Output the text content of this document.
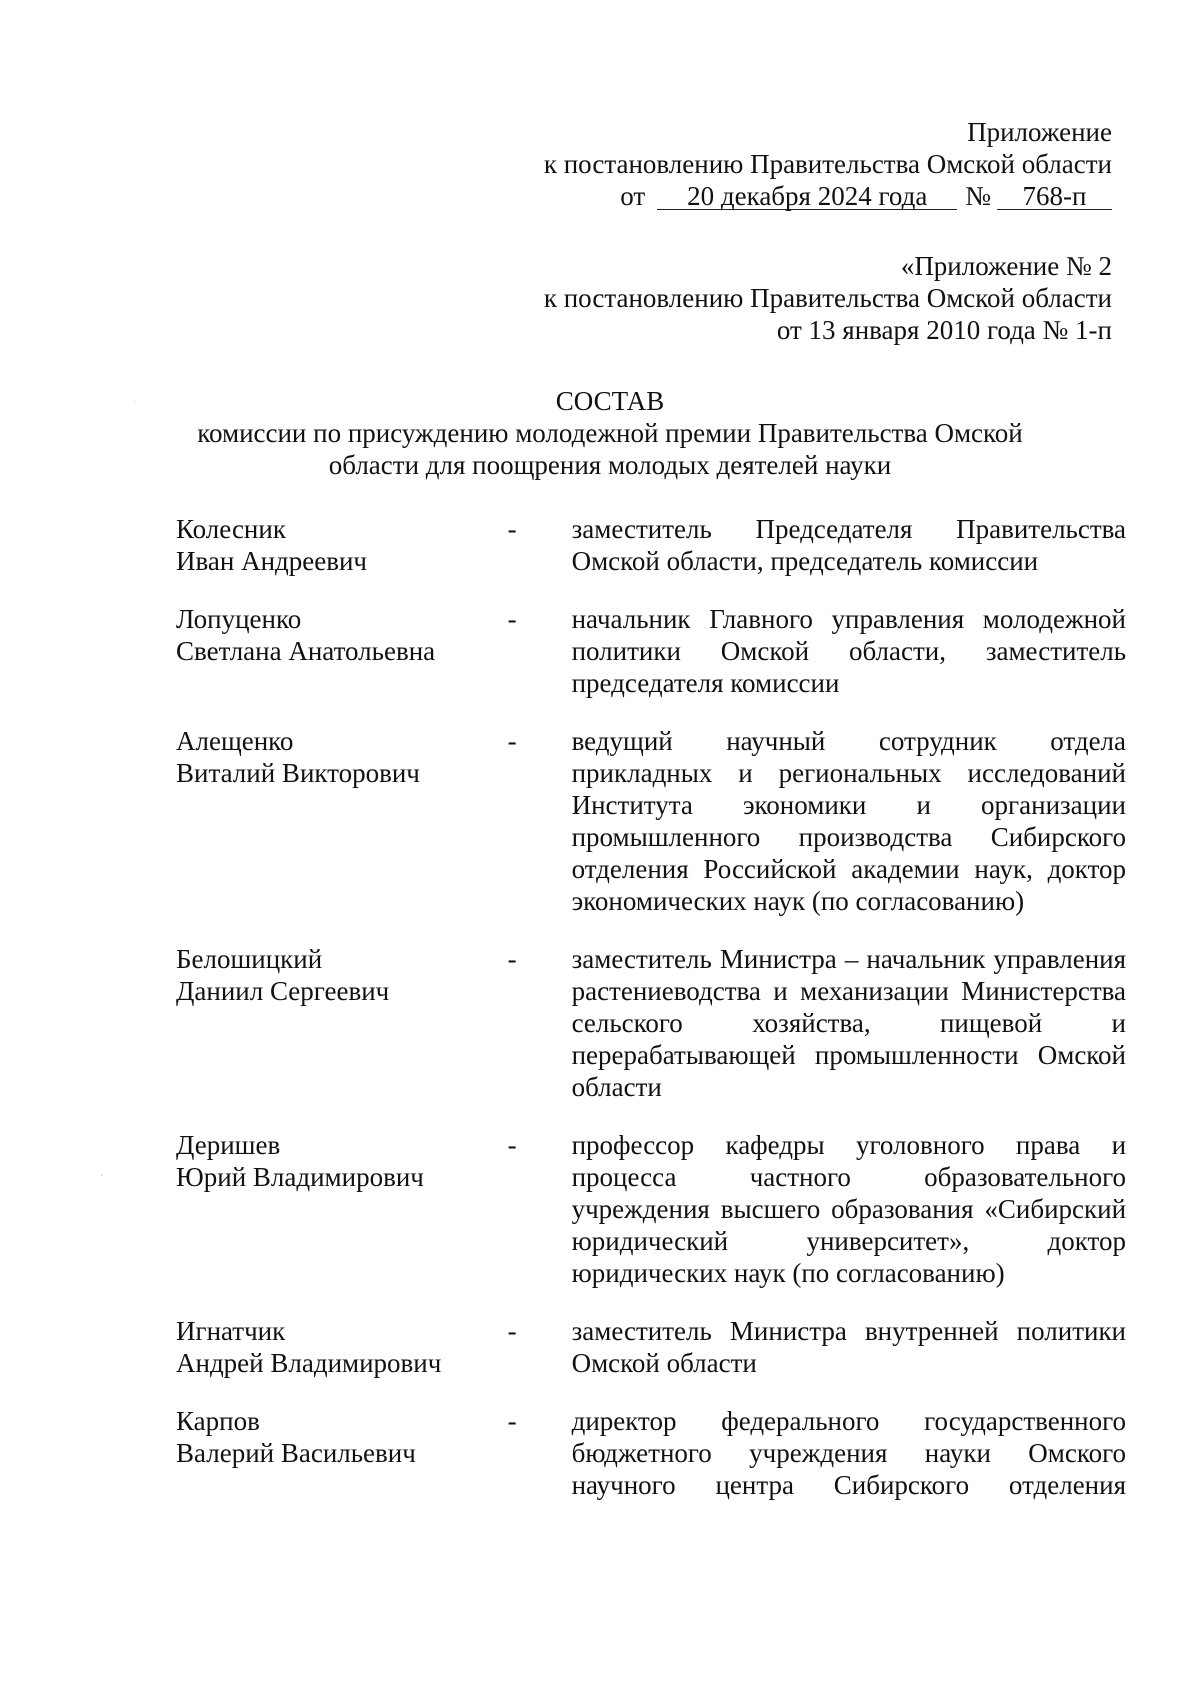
Приложение
к постановлению Правительства Омской области
от 20 декабря 2024 года № 768-п
«Приложение № 2
к постановлению Правительства Омской области
от 13 января 2010 года № 1-п
СОСТАВ
комиссии по присуждению молодежной премии Правительства Омской области для поощрения молодых деятелей науки
Колесник
Иван Андреевич
-	заместитель Председателя Правительства Омской области, председатель комиссии
Лопуценко
Светлана Анатольевна
-	начальник Главного управления молодежной политики Омской области, заместитель председателя комиссии
Алещенко
Виталий Викторович
-	ведущий научный сотрудник отдела прикладных и региональных исследований Института экономики и организации промышленного производства Сибирского отделения Российской академии наук, доктор экономических наук (по согласованию)
Белошицкий
Даниил Сергеевич
-	заместитель Министра – начальник управления растениеводства и механизации Министерства сельского хозяйства, пищевой и перерабатывающей промышленности Омской области
Деришев
Юрий Владимирович
-	профессор кафедры уголовного права и процесса частного образовательного учреждения высшего образования «Сибирский юридический университет», доктор юридических наук (по согласованию)
Игнатчик
Андрей Владимирович
-	заместитель Министра внутренней политики Омской области
Карпов
Валерий Васильевич
-	директор федерального государственного бюджетного учреждения науки Омского научного центра Сибирского отделения
·
·
